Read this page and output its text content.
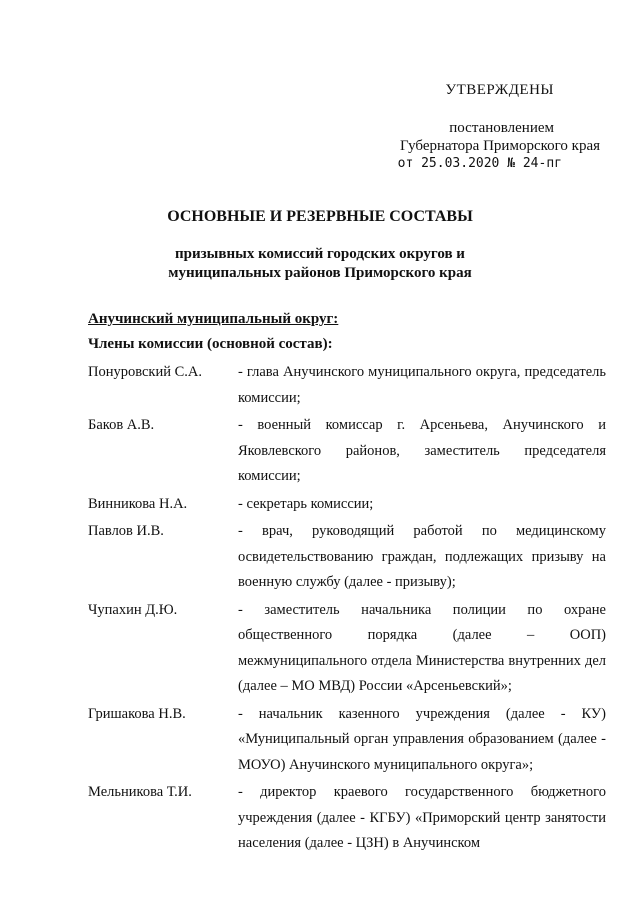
УТВЕРЖДЕНЫ
постановлением
Губернатора Приморского края
от 25.03.2020 № 24-пг
ОСНОВНЫЕ И РЕЗЕРВНЫЕ СОСТАВЫ
призывных комиссий городских округов и
муниципальных районов Приморского края
Анучинский муниципальный округ:
Члены комиссии (основной состав):
Понуровский С.А.	- глава Анучинского муниципального округа, председатель комиссии;
Баков А.В.	- военный комиссар г. Арсеньева, Анучинского и Яковлевского районов, заместитель председателя комиссии;
Винникова Н.А.	- секретарь комиссии;
Павлов И.В.	- врач, руководящий работой по медицинскому освидетельствованию граждан, подлежащих призыву на военную службу (далее - призыву);
Чупахин Д.Ю.	- заместитель начальника полиции по охране общественного порядка (далее – ООП) межмуниципального отдела Министерства внутренних дел (далее – МО МВД) России «Арсеньевский»;
Гришакова Н.В.	- начальник казенного учреждения (далее - КУ) «Муниципальный орган управления образованием (далее - МОУО) Анучинского муниципального округа»;
Мельникова Т.И.	- директор краевого государственного бюджетного учреждения (далее - КГБУ) «Приморский центр занятости населения (далее - ЦЗН) в Анучинском
